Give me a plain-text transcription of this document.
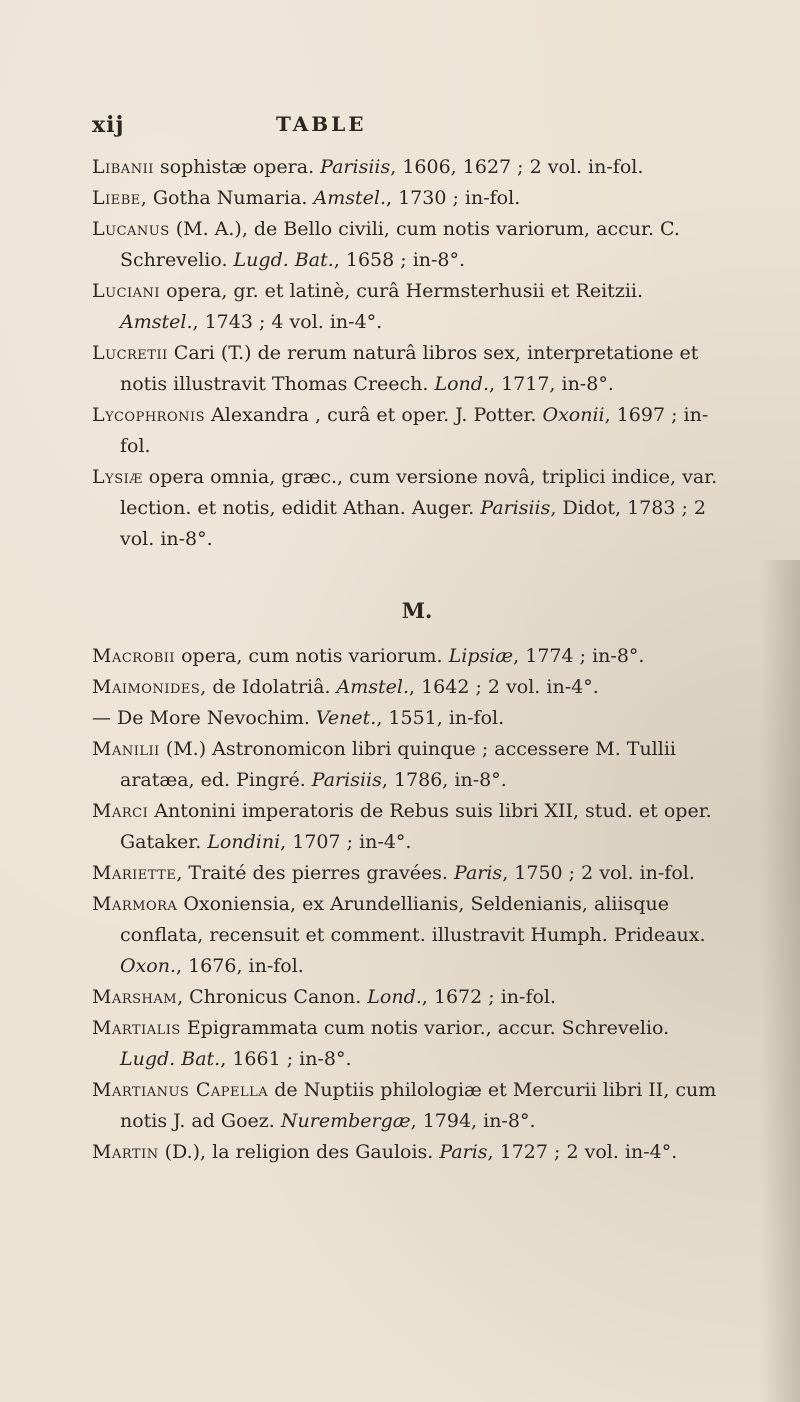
xij	TABLE

Libanii sophistæ opera. Parisiis, 1606, 1627 ; 2 vol. in-fol.

Liebe, Gotha Numaria. Amstel., 1730 ; in-fol.

Lucanus (M. A.), de Bello civili, cum notis variorum, accur. C. Schrevelio. Lugd. Bat., 1658 ; in-8°.

Luciani opera, gr. et latinè, curâ Hermsterhusii et Reitzii. Amstel., 1743 ; 4 vol. in-4°.

Lucretii Cari (T.) de rerum naturâ libros sex, interpretatione et notis illustravit Thomas Creech. Lond., 1717, in-8°.

Lycophronis Alexandra , curâ et oper. J. Potter. Oxonii, 1697 ; in-fol.

Lysiæ opera omnia, græc., cum versione novâ, triplici indice, var. lection. et notis, edidit Athan. Auger. Parisiis, Didot, 1783 ; 2 vol. in-8°.

M.

Macrobii opera, cum notis variorum. Lipsiæ, 1774 ; in-8°.

Maimonides, de Idolatriâ. Amstel., 1642 ; 2 vol. in-4°.

— De More Nevochim. Venet., 1551, in-fol.

Manilii (M.) Astronomicon libri quinque ; accessere M. Tullii aratæa, ed. Pingré. Parisiis, 1786, in-8°.

Marci Antonini imperatoris de Rebus suis libri XII, stud. et oper. Gataker. Londini, 1707 ; in-4°.

Mariette, Traité des pierres gravées. Paris, 1750 ; 2 vol. in-fol.

Marmora Oxoniensia, ex Arundellianis, Seldenianis, aliisque conflata, recensuit et comment. illustravit Humph. Prideaux. Oxon., 1676, in-fol.

Marsham, Chronicus Canon. Lond., 1672 ; in-fol.

Martialis Epigrammata cum notis varior., accur. Schrevelio. Lugd. Bat., 1661 ; in-8°.

Martianus Capella de Nuptiis philologiæ et Mercurii libri II, cum notis J. ad Goez. Nurembergæ, 1794, in-8°.

Martin (D.), la religion des Gaulois. Paris, 1727 ; 2 vol. in-4°.
